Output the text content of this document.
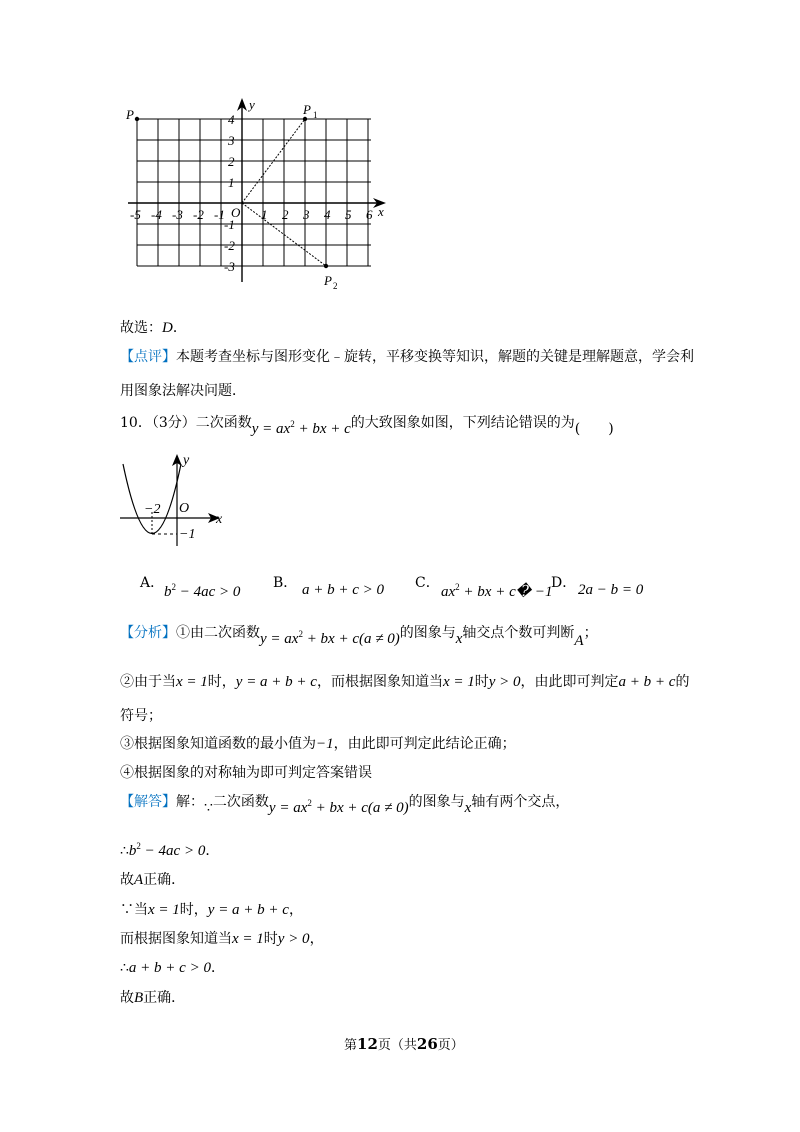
-5 -4 -3 -2 -1	1 2 3 4 5 6
4
3
2
1
-1
-2
-3
O	x
y
P	P
P
1
2
故选：D．
【点评】本题考查坐标与图形变化﹣旋转，平移变换等知识，解题的关键是理解题意，学会利
用图象法解决问题．
10．（3分）二次函数$y = ax^2$ + bx + c的大致图象如图，下列结论错误的为(　　)
y
x
O
−2
−1
A．
$b^2 - 4ac > 0$
B． a + b + c > 0 C．
$ax^2$ + bx + c� −1
D． 2a − b = 0
【分析】①由二次函数$y = ax^2$ + bx + c(a ≠ 0)的图象与x轴交点个数可判断A；
②由于当x = 1时，y = a + b + c，而根据图象知道当x = 1时y > 0，由此即可判定a + b + c的
符号；
③根据图象知道函数的最小值为−1，由此即可判定此结论正确；
④根据图象的对称轴为即可判定答案错误
【解答】解：∵二次函数$y = ax^2$ + bx + c(a ≠ 0)的图象与x轴有两个交点，
$\therefore b^2 - 4ac > 0$．
故A正确．
∵当x = 1时，y = a + b + c，
而根据图象知道当x = 1时y > 0，
∴a + b + c > 0．
故B正确．
第12页（共26页）
